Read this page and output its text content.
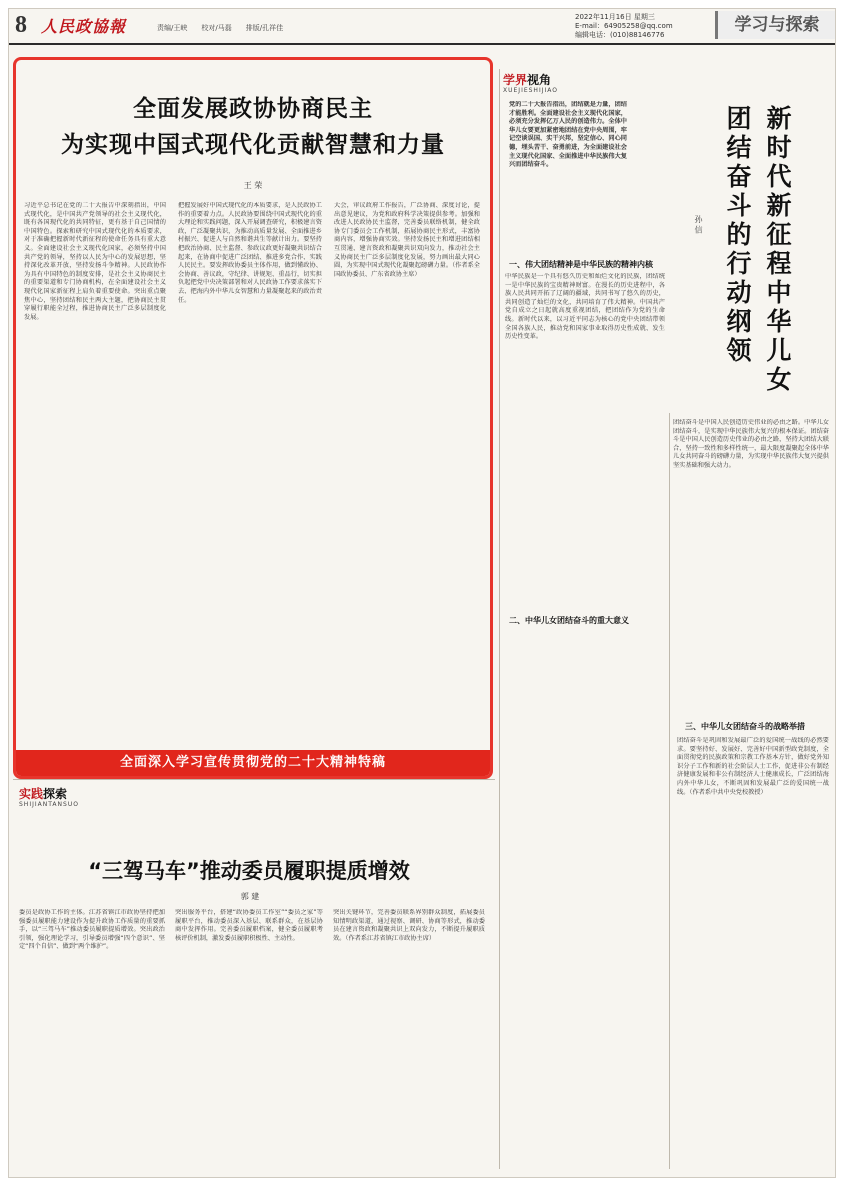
8 人民政協報	责编/王峡　　校对/马磊　　排版/孔祥佳
2022年11月16日 星期三
E-mail：64905258@qq.com
编辑电话：(010)88146776	学习与探索
全面发展政协协商民主
为实现中国式现代化贡献智慧和力量
王 荣
习近平总书记在党的二十大报告中深刻指出，中国式现代化，是中国共产党领导的社会主义现代化，既有各国现代化的共同特征，更有基于自己国情的中国特色。探索和研究中国式现代化的本质要求，对于准确把握新时代新征程的使命任务具有重大意义。全面建设社会主义现代化国家，必须坚持中国共产党的领导，坚持以人民为中心的发展思想，坚持深化改革开放，坚持发扬斗争精神。人民政协作为具有中国特色的制度安排，是社会主义协商民主的重要渠道和专门协商机构，在全面建设社会主义现代化国家新征程上肩负着重要使命。突出重点聚焦中心，坚持团结和民主两大主题，把协商民主贯穿履行职能全过程，推进协商民主广泛多层制度化发展。
把握发展好中国式现代化的本质要求，是人民政协工作的重要着力点。人民政协要围绕中国式现代化的重大理论和实践问题，深入开展调查研究，积极建言资政，广泛凝聚共识，为推动高质量发展、全面推进乡村振兴、促进人与自然和谐共生等献计出力。要坚持把政治协商、民主监督、参政议政更好凝聚共识结合起来，在协商中促进广泛团结、推进多党合作、实践人民民主。要发挥政协委员主体作用，做到懂政协、会协商、善议政，守纪律、讲规矩、重品行，切实担负起把党中央决策部署和对人民政协工作要求落实下去、把海内外中华儿女智慧和力量凝聚起来的政治责任。
大会，审议政府工作报告，广泛协商、深度讨论，提出意见建议，为党和政府科学决策提供参考。加强和改进人民政协民主监督，完善委员联络机制，健全政协专门委员会工作机制，拓展协商民主形式，丰富协商内容，增强协商实效。坚持发扬民主和增进团结相互贯通、建言资政和凝聚共识双向发力，推动社会主义协商民主广泛多层制度化发展，努力画出最大同心圆，为实现中国式现代化凝聚起磅礴力量。（作者系全国政协委员、广东省政协主席）
全面深入学习宣传贯彻党的二十大精神特稿
学界视角
XUEJIESHIJIAO
党的二十大报告指出，团结就是力量，团结才能胜利。全面建设社会主义现代化国家，必须充分发挥亿万人民的创造伟力。全体中华儿女要更加紧密地团结在党中央周围，牢记空谈误国、实干兴邦，坚定信心、同心同德，埋头苦干、奋勇前进，为全面建设社会主义现代化国家、全面推进中华民族伟大复兴而团结奋斗。	新时代新征程中华儿女
团结奋斗的行动纲领
孙 信
一、伟大团结精神是中华民族的精神内核
中华民族是一个具有悠久历史和灿烂文化的民族，团结统一是中华民族的宝贵精神财富。在漫长的历史进程中，各族人民共同开拓了辽阔的疆域，共同书写了悠久的历史，共同创造了灿烂的文化，共同培育了伟大精神。中国共产党自成立之日起就高度重视团结，把团结作为党的生命线。新时代以来，以习近平同志为核心的党中央团结带领全国各族人民，推动党和国家事业取得历史性成就、发生历史性变革。
团结奋斗是中国人民创造历史伟业的必由之路。中华儿女团结奋斗，是实现中华民族伟大复兴的根本保证。团结奋斗是中国人民创造历史伟业的必由之路，坚持大团结大联合，坚持一致性和多样性统一，最大限度凝聚起全体中华儿女共同奋斗的磅礴力量，为实现中华民族伟大复兴提供坚实基础和强大动力。
二、中华儿女团结奋斗的重大意义
三、中华儿女团结奋斗的战略举措
团结奋斗是巩固和发展最广泛的爱国统一战线的必然要求。要坚持好、发展好、完善好中国新型政党制度，全面贯彻党的民族政策和宗教工作基本方针，做好党外知识分子工作和新的社会阶层人士工作，促进非公有制经济健康发展和非公有制经济人士健康成长，广泛团结海内外中华儿女，不断巩固和发展最广泛的爱国统一战线。（作者系中共中央党校教授）
实践探索
SHIJIANTANSUO
“三驾马车”推动委员履职提质增效
郭 建
委员是政协工作的主体。江苏省镇江市政协坚持把加强委员履职能力建设作为提升政协工作质量的重要抓手，以“三驾马车”推动委员履职提质增效。突出政治引领，强化理论学习，引导委员增强“四个意识”、坚定“四个自信”、做到“两个维护”。
突出服务平台，搭建“政协委员工作室”“委员之家”等履职平台，推动委员深入基层、联系群众，在基层协商中发挥作用。完善委员履职档案，健全委员履职考核评价机制，激发委员履职积极性、主动性。
突出关键环节，完善委员联系界别群众制度，拓展委员知情明政渠道，通过视察、调研、协商等形式，推动委员在建言资政和凝聚共识上双向发力，不断提升履职质效。（作者系江苏省镇江市政协主席）
